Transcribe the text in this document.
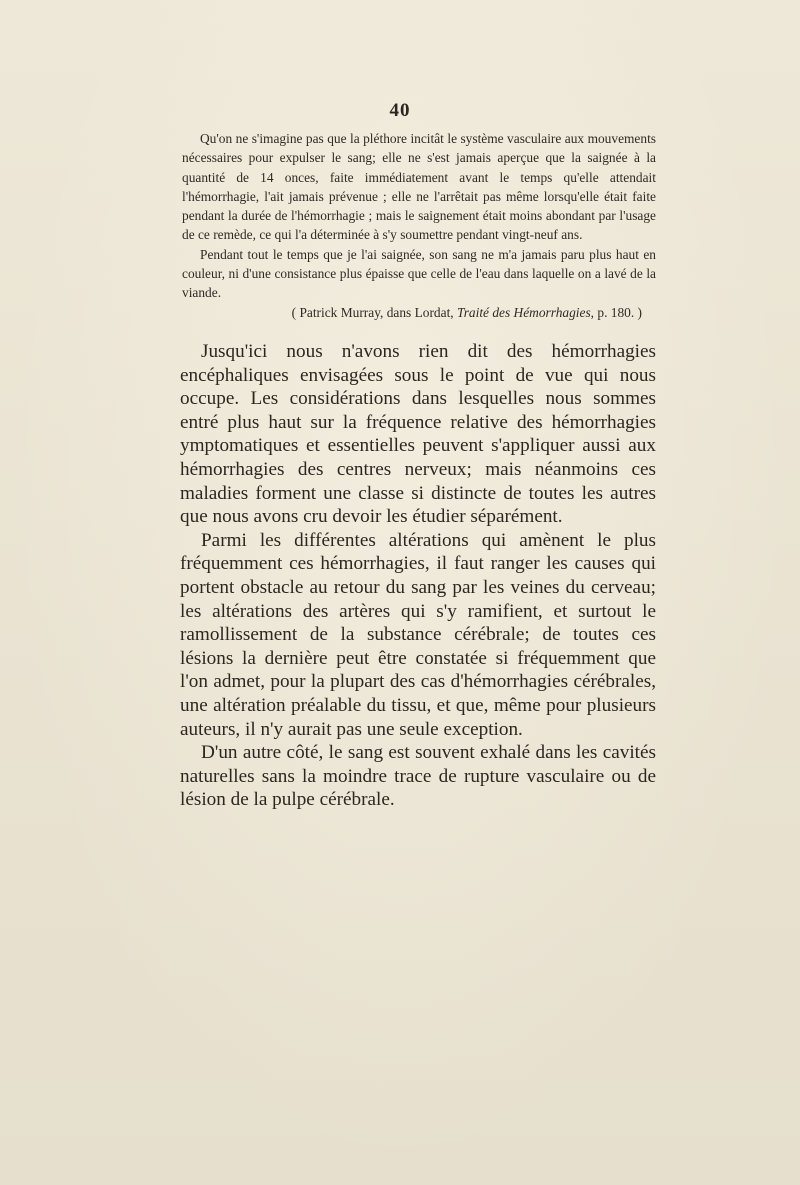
40

Qu'on ne s'imagine pas que la pléthore incitât le système vasculaire aux mouvements nécessaires pour expulser le sang; elle ne s'est jamais aperçue que la saignée à la quantité de 14 onces, faite immédiatement avant le temps qu'elle attendait l'hémorrhagie, l'ait jamais prévenue ; elle ne l'arrêtait pas même lorsqu'elle était faite pendant la durée de l'hémorrhagie ; mais le saignement était moins abondant par l'usage de ce remède, ce qui l'a déterminée à s'y soumettre pendant vingt-neuf ans.

Pendant tout le temps que je l'ai saignée, son sang ne m'a jamais paru plus haut en couleur, ni d'une consistance plus épaisse que celle de l'eau dans laquelle on a lavé de la viande.

( Patrick Murray, dans Lordat, Traité des Hémorrhagies, p. 180. )

Jusqu'ici nous n'avons rien dit des hémorrhagies encéphaliques envisagées sous le point de vue qui nous occupe. Les considérations dans lesquelles nous sommes entré plus haut sur la fréquence relative des hémorrhagies ymptomatiques et essentielles peuvent s'appliquer aussi aux hémorrhagies des centres nerveux; mais néanmoins ces maladies forment une classe si distincte de toutes les autres que nous avons cru devoir les étudier séparément.

Parmi les différentes altérations qui amènent le plus fréquemment ces hémorrhagies, il faut ranger les causes qui portent obstacle au retour du sang par les veines du cerveau; les altérations des artères qui s'y ramifient, et surtout le ramollissement de la substance cérébrale; de toutes ces lésions la dernière peut être constatée si fréquemment que l'on admet, pour la plupart des cas d'hémorrhagies cérébrales, une altération préalable du tissu, et que, même pour plusieurs auteurs, il n'y aurait pas une seule exception.

D'un autre côté, le sang est souvent exhalé dans les cavités naturelles sans la moindre trace de rupture vasculaire ou de lésion de la pulpe cérébrale.
